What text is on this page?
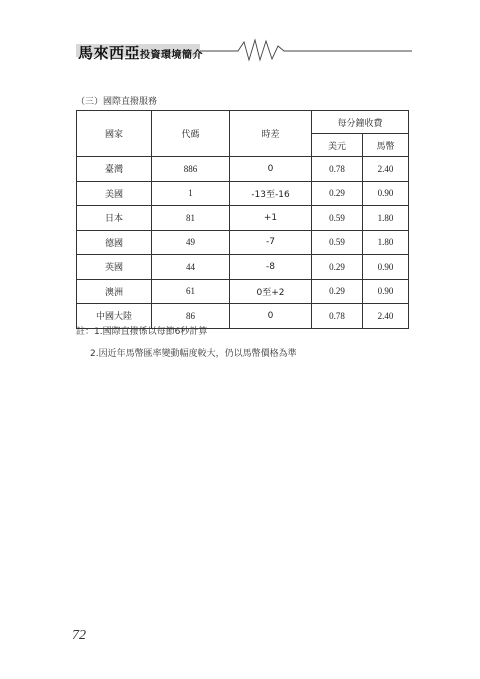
馬來西亞投資環境簡介
（三）國際直撥服務
國家	代碼	時差	每分鐘收費	
			美元	馬幣
臺灣	886	0	0.78	2.40
美國	1	-13至-16	0.29	0.90
日本	81	+1	0.59	1.80
德國	49	-7	0.59	1.80
英國	44	-8	0.29	0.90
澳洲	61	0至+2	0.29	0.90
中國大陸	86	0	0.78	2.40
註：1.國際直撥係以每節6秒計算
2.因近年馬幣匯率變動幅度較大，仍以馬幣價格為準
72
